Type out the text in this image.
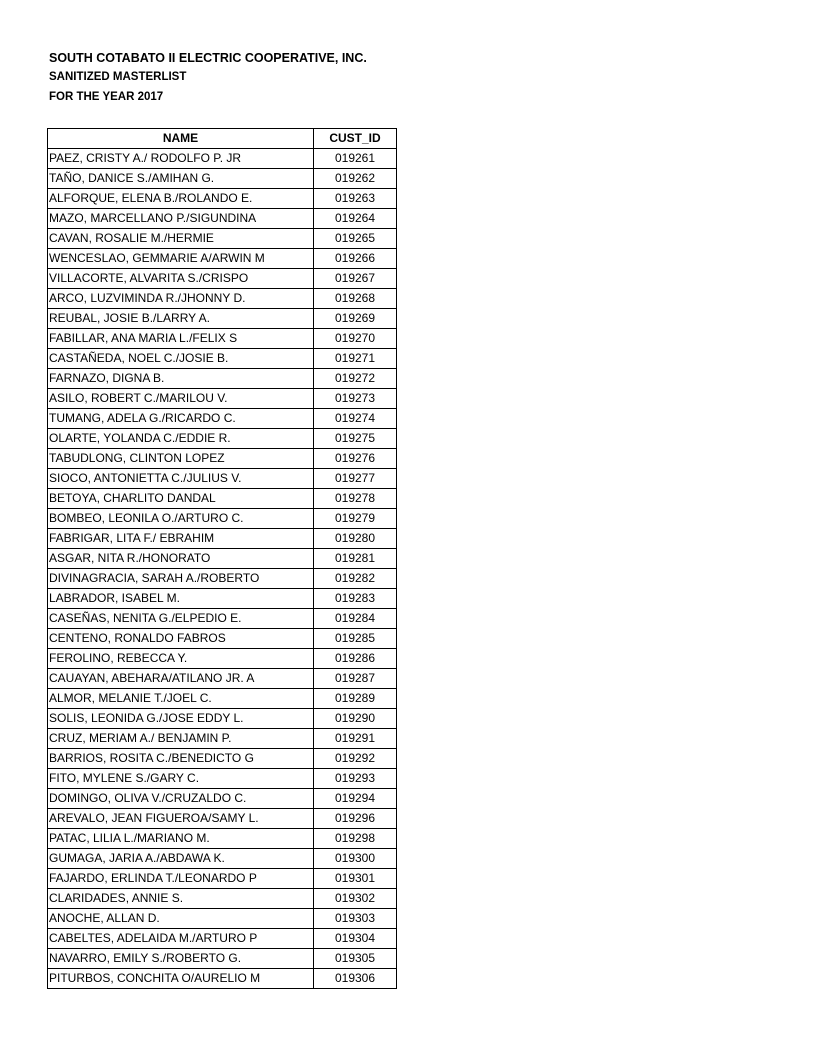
SOUTH COTABATO II ELECTRIC COOPERATIVE, INC.

SANITIZED MASTERLIST

FOR THE YEAR 2017

NAME	CUST_ID
PAEZ, CRISTY A./ RODOLFO P. JR	019261
TAÑO, DANICE S./AMIHAN G.	019262
ALFORQUE, ELENA B./ROLANDO E.	019263
MAZO, MARCELLANO P./SIGUNDINA	019264
CAVAN, ROSALIE M./HERMIE	019265
WENCESLAO, GEMMARIE A/ARWIN M	019266
VILLACORTE, ALVARITA S./CRISPO	019267
ARCO, LUZVIMINDA R./JHONNY D.	019268
REUBAL, JOSIE B./LARRY A.	019269
FABILLAR, ANA MARIA L./FELIX S	019270
CASTAÑEDA, NOEL C./JOSIE B.	019271
FARNAZO, DIGNA B.	019272
ASILO, ROBERT C./MARILOU V.	019273
TUMANG, ADELA G./RICARDO C.	019274
OLARTE, YOLANDA C./EDDIE R.	019275
TABUDLONG, CLINTON LOPEZ	019276
SIOCO, ANTONIETTA C./JULIUS V.	019277
BETOYA, CHARLITO DANDAL	019278
BOMBEO, LEONILA O./ARTURO C.	019279
FABRIGAR, LITA F./ EBRAHIM	019280
ASGAR, NITA R./HONORATO	019281
DIVINAGRACIA, SARAH A./ROBERTO	019282
LABRADOR, ISABEL M.	019283
CASEÑAS, NENITA G./ELPEDIO E.	019284
CENTENO, RONALDO FABROS	019285
FEROLINO, REBECCA Y.	019286
CAUAYAN, ABEHARA/ATILANO JR. A	019287
ALMOR, MELANIE T./JOEL C.	019289
SOLIS, LEONIDA G./JOSE EDDY L.	019290
CRUZ, MERIAM A./ BENJAMIN P.	019291
BARRIOS, ROSITA C./BENEDICTO G	019292
FITO, MYLENE S./GARY C.	019293
DOMINGO, OLIVA V./CRUZALDO C.	019294
AREVALO, JEAN FIGUEROA/SAMY L.	019296
PATAC, LILIA L./MARIANO M.	019298
GUMAGA, JARIA A./ABDAWA K.	019300
FAJARDO, ERLINDA T./LEONARDO P	019301
CLARIDADES, ANNIE S.	019302
ANOCHE, ALLAN D.	019303
CABELTES, ADELAIDA M./ARTURO P	019304
NAVARRO, EMILY S./ROBERTO G.	019305
PITURBOS, CONCHITA O/AURELIO M	019306
